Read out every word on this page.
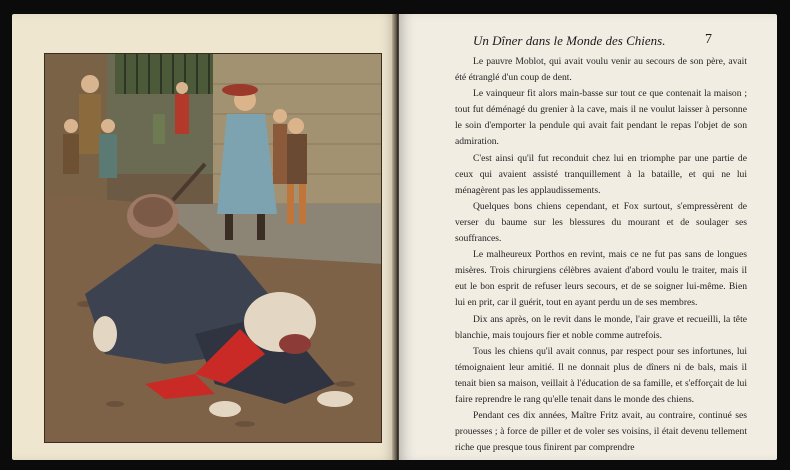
Un Dîner dans le Monde des Chiens.	7

Le pauvre Moblot, qui avait voulu venir au secours de son père, avait été étranglé d'un coup de dent.

Le vainqueur fit alors main-basse sur tout ce que contenait la maison ; tout fut déménagé du grenier à la cave, mais il ne voulut laisser à personne le soin d'emporter la pendule qui avait fait pendant le repas l'objet de son admiration.

C'est ainsi qu'il fut reconduit chez lui en triomphe par une partie de ceux qui avaient assisté tranquillement à la bataille, et qui ne lui ménagèrent pas les applaudissements.

Quelques bons chiens cependant, et Fox surtout, s'empressèrent de verser du baume sur les blessures du mourant et de soulager ses souffrances.

Le malheureux Porthos en revint, mais ce ne fut pas sans de longues misères. Trois chirurgiens célèbres avaient d'abord voulu le traiter, mais il eut le bon esprit de refuser leurs secours, et de se soigner lui-même. Bien lui en prit, car il guérit, tout en ayant perdu un de ses membres.

Dix ans après, on le revit dans le monde, l'air grave et recueilli, la tête blanchie, mais toujours fier et noble comme autrefois.

Tous les chiens qu'il avait connus, par respect pour ses infortunes, lui témoignaient leur amitié. Il ne donnait plus de dîners ni de bals, mais il tenait bien sa maison, veillait à l'éducation de sa famille, et s'efforçait de lui faire reprendre le rang qu'elle tenait dans le monde des chiens.

Pendant ces dix années, Maître Fritz avait, au contraire, continué ses prouesses ; à force de piller et de voler ses voisins, il était devenu tellement riche que presque tous finirent par comprendre
